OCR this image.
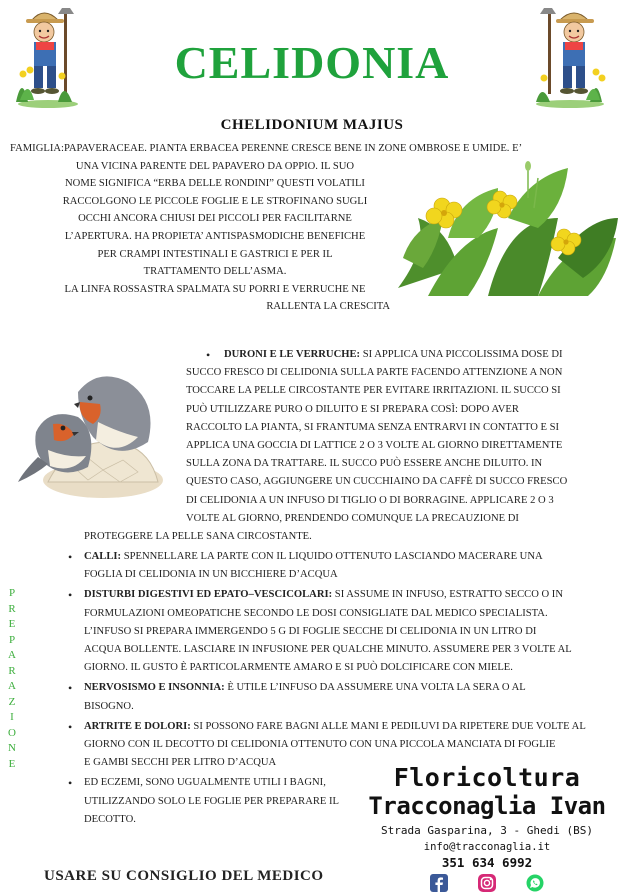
CELIDONIA
CHELIDONIUM MAJIUS
FAMIGLIA:PAPAVERACEAE. PIANTA ERBACEA PERENNE CRESCE BENE IN ZONE OMBROSE E UMIDE. E’
UNA VICINA PARENTE DEL PAPAVERO DA OPPIO. IL SUO
NOME SIGNIFICA “ERBA DELLE RONDINI” QUESTI VOLATILI
RACCOLGONO LE PICCOLE FOGLIE E LE STROFINANO SUGLI
OCCHI ANCORA CHIUSI DEI PICCOLI PER FACILITARNE
L’APERTURA. HA PROPIETA’ ANTISPASMODICHE BENEFICHE
PER CRAMPI INTESTINALI E GASTRICI E PER IL
TRATTAMENTO DELL’ASMA.
LA LINFA ROSSASTRA SPALMATA SU PORRI E VERRUCHE NE
RALLENTA LA CRESCITA
P
R
E
P
A
R
A
Z
I
O
N
E
• DURONI E LE VERRUCHE: SI APPLICA UNA PICCOLISSIMA DOSE DI
SUCCO FRESCO DI CELIDONIA SULLA PARTE FACENDO ATTENZIONE A NON
TOCCARE LA PELLE CIRCOSTANTE PER EVITARE IRRITAZIONI. IL SUCCO SI
PUÒ UTILIZZARE PURO O DILUITO E SI PREPARA COSÌ: DOPO AVER
RACCOLTO LA PIANTA, SI FRANTUMA SENZA ENTRARVI IN CONTATTO E SI
APPLICA UNA GOCCIA DI LATTICE 2 O 3 VOLTE AL GIORNO DIRETTAMENTE
SULLA ZONA DA TRATTARE. IL SUCCO PUÒ ESSERE ANCHE DILUITO. IN
QUESTO CASO, AGGIUNGERE UN CUCCHIAINO DA CAFFÈ DI SUCCO FRESCO
DI CELIDONIA A UN INFUSO DI TIGLIO O DI BORRAGINE. APPLICARE 2 O 3
VOLTE AL GIORNO, PRENDENDO COMUNQUE LA PRECAUZIONE DI
PROTEGGERE LA PELLE SANA CIRCOSTANTE.
• CALLI: SPENNELLARE LA PARTE CON IL LIQUIDO OTTENUTO LASCIANDO MACERARE UNA
FOGLIA DI CELIDONIA IN UN BICCHIERE D’ACQUA
• DISTURBI DIGESTIVI ED EPATO–VESCICOLARI: SI ASSUME IN INFUSO, ESTRATTO SECCO O IN
FORMULAZIONI OMEOPATICHE SECONDO LE DOSI CONSIGLIATE DAL MEDICO SPECIALISTA.
L’INFUSO SI PREPARA IMMERGENDO 5 G DI FOGLIE SECCHE DI CELIDONIA IN UN LITRO DI
ACQUA BOLLENTE. LASCIARE IN INFUSIONE PER QUALCHE MINUTO. ASSUMERE PER 3 VOLTE AL
GIORNO. IL GUSTO È PARTICOLARMENTE AMARO E SI PUÒ DOLCIFICARE CON MIELE.
• NERVOSISMO E INSONNIA: È UTILE L’INFUSO DA ASSUMERE UNA VOLTA LA SERA O AL
BISOGNO.
• ARTRITE E DOLORI: SI POSSONO FARE BAGNI ALLE MANI E PEDILUVI DA RIPETERE DUE VOLTE AL
GIORNO CON IL DECOTTO DI CELIDONIA OTTENUTO CON UNA PICCOLA MANCIATA DI FOGLIE
E GAMBI SECCHI PER LITRO D’ACQUA
• ED ECZEMI, SONO UGUALMENTE UTILI I BAGNI,
UTILIZZANDO SOLO LE FOGLIE PER PREPARARE IL
DECOTTO.
Floricoltura
Tracconaglia Ivan
Strada Gasparina, 3 - Ghedi (BS)
info@tracconaglia.it
351 634 6992
USARE SU CONSIGLIO DEL MEDICO
